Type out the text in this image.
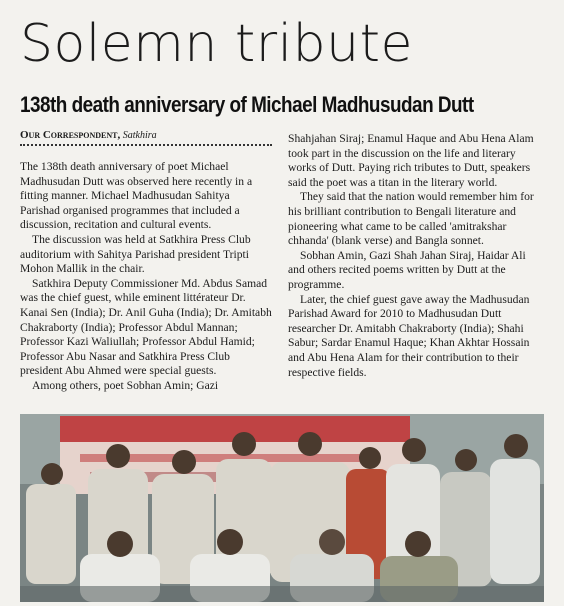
Solemn tribute
138th death anniversary of Michael Madhusudan Dutt
Our Correspondent, Satkhira

The 138th death anniversary of poet Michael Madhusudan Dutt was observed here recently in a fitting manner. Michael Madhusudan Sahitya Parishad organised programmes that included a discussion, recitation and cultural events.

The discussion was held at Satkhira Press Club auditorium with Sahitya Parishad president Tripti Mohon Mallik in the chair.

Satkhira Deputy Commissioner Md. Abdus Samad was the chief guest, while eminent littérateur Dr. Kanai Sen (India); Dr. Anil Guha (India); Dr. Amitabh Chakraborty (India); Professor Abdul Mannan; Professor Kazi Waliullah; Professor Abdul Hamid; Professor Abu Nasar and Satkhira Press Club president Abu Ahmed were special guests.

Among others, poet Sobhan Amin; Gazi

Shahjahan Siraj; Enamul Haque and Abu Hena Alam took part in the discussion on the life and literary works of Dutt. Paying rich tributes to Dutt, speakers said the poet was a titan in the literary world.

They said that the nation would remember him for his brilliant contribution to Bengali literature and pioneering what came to be called 'amitrakshar chhanda' (blank verse) and Bangla sonnet.

Sobhan Amin, Gazi Shah Jahan Siraj, Haidar Ali and others recited poems written by Dutt at the programme.

Later, the chief guest gave away the Madhusudan Parishad Award for 2010 to Madhusudan Dutt researcher Dr. Amitabh Chakraborty (India); Shahi Sabur; Sardar Enamul Haque; Khan Akhtar Hossain and Abu Hena Alam for their contribution to their respective fields.
